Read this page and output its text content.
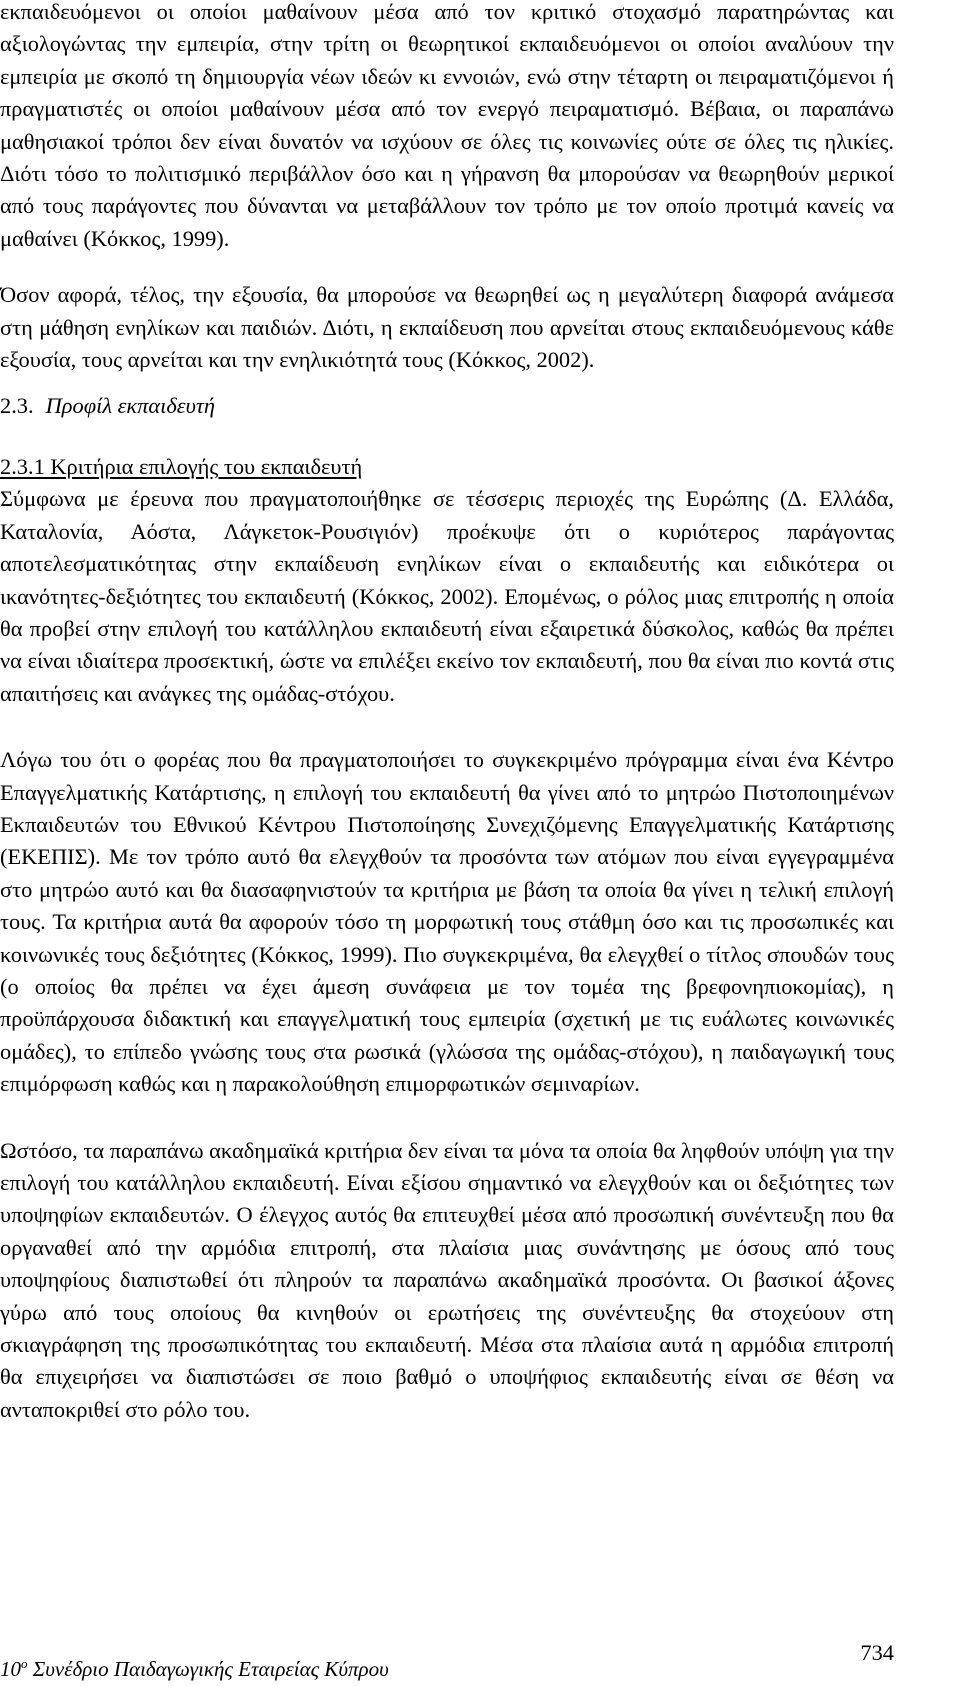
εκπαιδευόμενοι οι οποίοι μαθαίνουν μέσα από τον κριτικό στοχασμό παρατηρώντας και αξιολογώντας την εμπειρία, στην τρίτη οι θεωρητικοί εκπαιδευόμενοι οι οποίοι αναλύουν την εμπειρία με σκοπό τη δημιουργία νέων ιδεών κι εννοιών, ενώ στην τέταρτη οι πειραματιζόμενοι ή πραγματιστές οι οποίοι μαθαίνουν μέσα από τον ενεργό πειραματισμό. Βέβαια, οι παραπάνω μαθησιακοί τρόποι δεν είναι δυνατόν να ισχύουν σε όλες τις κοινωνίες ούτε σε όλες τις ηλικίες. Διότι τόσο το πολιτισμικό περιβάλλον όσο και η γήρανση θα μπορούσαν να θεωρηθούν μερικοί από τους παράγοντες που δύνανται να μεταβάλλουν τον τρόπο με τον οποίο προτιμά κανείς να μαθαίνει (Κόκκος, 1999).

Όσον αφορά, τέλος, την εξουσία, θα μπορούσε να θεωρηθεί ως η μεγαλύτερη διαφορά ανάμεσα στη μάθηση ενηλίκων και παιδιών. Διότι, η εκπαίδευση που αρνείται στους εκπαιδευόμενους κάθε εξουσία, τους αρνείται και την ενηλικιότητά τους (Κόκκος, 2002).

2.3. Προφίλ εκπαιδευτή
2.3.1 Κριτήρια επιλογής του εκπαιδευτή

Σύμφωνα με έρευνα που πραγματοποιήθηκε σε τέσσερις περιοχές της Ευρώπης (Δ. Ελλάδα, Καταλονία, Αόστα, Λάγκετοκ-Ρουσιγιόν) προέκυψε ότι ο κυριότερος παράγοντας αποτελεσματικότητας στην εκπαίδευση ενηλίκων είναι ο εκπαιδευτής και ειδικότερα οι ικανότητες-δεξιότητες του εκπαιδευτή (Κόκκος, 2002). Επομένως, ο ρόλος μιας επιτροπής η οποία θα προβεί στην επιλογή του κατάλληλου εκπαιδευτή είναι εξαιρετικά δύσκολος, καθώς θα πρέπει να είναι ιδιαίτερα προσεκτική, ώστε να επιλέξει εκείνο τον εκπαιδευτή, που θα είναι πιο κοντά στις απαιτήσεις και ανάγκες της ομάδας-στόχου.

Λόγω του ότι ο φορέας που θα πραγματοποιήσει το συγκεκριμένο πρόγραμμα είναι ένα Κέντρο Επαγγελματικής Κατάρτισης, η επιλογή του εκπαιδευτή θα γίνει από το μητρώο Πιστοποιημένων Εκπαιδευτών του Εθνικού Κέντρου Πιστοποίησης Συνεχιζόμενης Επαγγελματικής Κατάρτισης (ΕΚΕΠΙΣ). Με τον τρόπο αυτό θα ελεγχθούν τα προσόντα των ατόμων που είναι εγγεγραμμένα στο μητρώο αυτό και θα διασαφηνιστούν τα κριτήρια με βάση τα οποία θα γίνει η τελική επιλογή τους. Τα κριτήρια αυτά θα αφορούν τόσο τη μορφωτική τους στάθμη όσο και τις προσωπικές και κοινωνικές τους δεξιότητες (Κόκκος, 1999). Πιο συγκεκριμένα, θα ελεγχθεί ο τίτλος σπουδών τους (ο οποίος θα πρέπει να έχει άμεση συνάφεια με τον τομέα της βρεφονηπιοκομίας), η προϋπάρχουσα διδακτική και επαγγελματική τους εμπειρία (σχετική με τις ευάλωτες κοινωνικές ομάδες), το επίπεδο γνώσης τους στα ρωσικά (γλώσσα της ομάδας-στόχου), η παιδαγωγική τους επιμόρφωση καθώς και η παρακολούθηση επιμορφωτικών σεμιναρίων.

Ωστόσο, τα παραπάνω ακαδημαϊκά κριτήρια δεν είναι τα μόνα τα οποία θα ληφθούν υπόψη για την επιλογή του κατάλληλου εκπαιδευτή. Είναι εξίσου σημαντικό να ελεγχθούν και οι δεξιότητες των υποψηφίων εκπαιδευτών. Ο έλεγχος αυτός θα επιτευχθεί μέσα από προσωπική συνέντευξη που θα οργαναθεί από την αρμόδια επιτροπή, στα πλαίσια μιας συνάντησης με όσους από τους υποψηφίους διαπιστωθεί ότι πληρούν τα παραπάνω ακαδημαϊκά προσόντα. Οι βασικοί άξονες γύρω από τους οποίους θα κινηθούν οι ερωτήσεις της συνέντευξης θα στοχεύουν στη σκιαγράφηση της προσωπικότητας του εκπαιδευτή. Μέσα στα πλαίσια αυτά η αρμόδια επιτροπή θα επιχειρήσει να διαπιστώσει σε ποιο βαθμό ο υποψήφιος εκπαιδευτής είναι σε θέση να ανταποκριθεί στο ρόλο του.

$10^o$ Συνέδριο Παιδαγωγικής Εταιρείας Κύπρου
734
